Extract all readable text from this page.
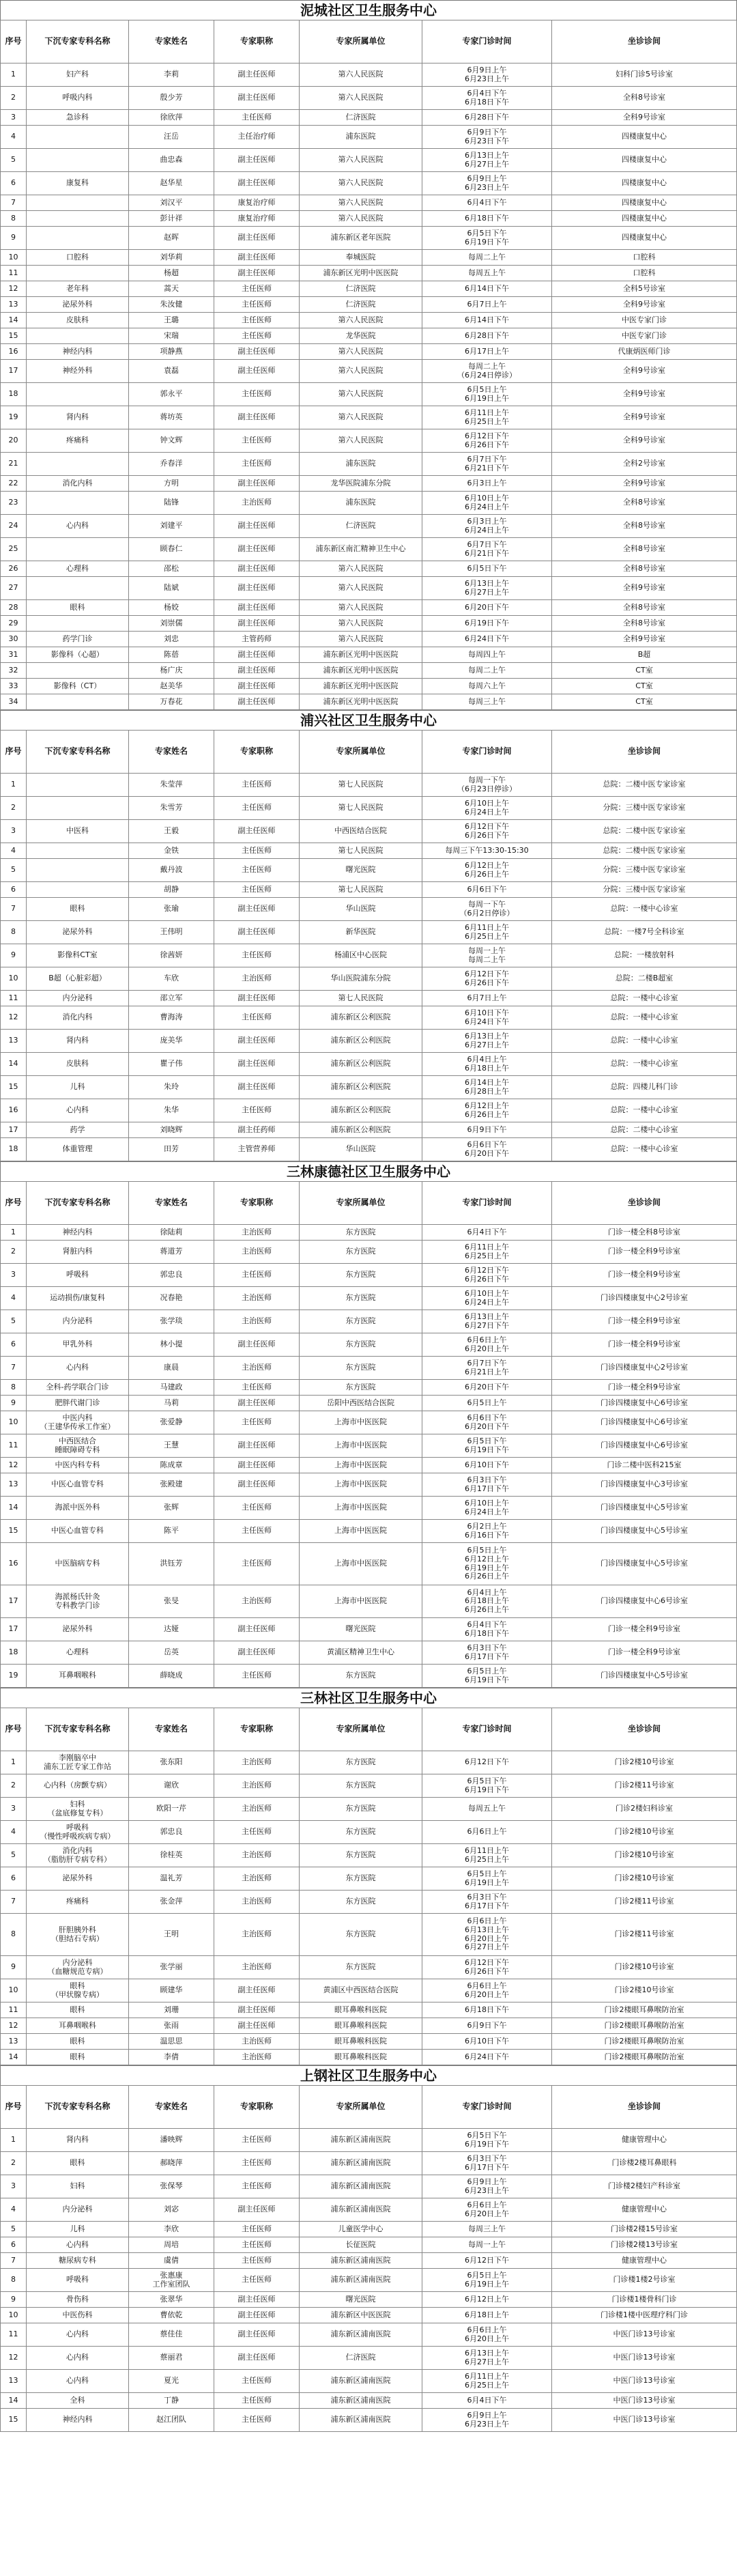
泥城社区卫生服务中心
序号	下沉专家专科名称	专家姓名	专家职称	专家所属单位	专家门诊时间	坐诊诊间
1	妇产科	李莉	副主任医师	第六人民医院	6月9日上午
6月23日上午	妇科门诊5号诊室
2	呼吸内科	殷少芳	副主任医师	第六人民医院	6月4日下午
6月18日下午	全科8号诊室
3	急诊科	徐欣萍	主任医师	仁济医院	6月28日下午	全科9号诊室
4		汪岳	主任治疗师	浦东医院	6月9日下午
6月23日下午	四楼康复中心
5		曲忠森	副主任医师	第六人民医院	6月13日上午
6月27日上午	四楼康复中心
6	康复科	赵华星	副主任医师	第六人民医院	6月9日上午
6月23日上午	四楼康复中心
7		刘汉平	康复治疗师	第六人民医院	6月4日下午	四楼康复中心
8		彭计祥	康复治疗师	第六人民医院	6月18日下午	四楼康复中心
9		赵晖	副主任医师	浦东新区老年医院	6月5日下午
6月19日下午	四楼康复中心
10	口腔科	刘华莉	副主任医师	奉城医院	每周二上午	口腔科
11		杨超	副主任医师	浦东新区光明中医医院	每周五上午	口腔科
12	老年科	蒿天	主任医师	仁济医院	6月14日下午	全科5号诊室
13	泌尿外科	朱汝健	主任医师	仁济医院	6月7日上午	全科9号诊室
14	皮肤科	王璐	主任医师	第六人民医院	6月14日下午	中医专家门诊
15		宋瑞	主任医师	龙华医院	6月28日下午	中医专家门诊
16	神经内科	项静燕	副主任医师	第六人民医院	6月17日上午	代康炳医师门诊
17	神经外科	袁磊	副主任医师	第六人民医院	每周二上午
（6月24日停诊）	全科9号诊室
18		郭永平	主任医师	第六人民医院	6月5日上午
6月19日上午	全科9号诊室
19	肾内科	蒋坊英	副主任医师	第六人民医院	6月11日上午
6月25日上午	全科9号诊室
20	疼痛科	钟文辉	主任医师	第六人民医院	6月12日下午
6月26日下午	全科9号诊室
21		乔春洋	主任医师	浦东医院	6月7日下午
6月21日下午	全科2号诊室
22	消化内科	方明	副主任医师	龙华医院浦东分院	6月3日上午	全科9号诊室
23		陆锋	主治医师	浦东医院	6月10日上午
6月24日上午	全科8号诊室
24	心内科	刘建平	副主任医师	仁济医院	6月3日上午
6月24日上午	全科8号诊室
25		顾春仁	副主任医师	浦东新区南汇精神卫生中心	6月7日下午
6月21日下午	全科8号诊室
26	心理科	邵松	副主任医师	第六人民医院	6月5日下午	全科8号诊室
27		陆斌	副主任医师	第六人民医院	6月13日上午
6月27日上午	全科9号诊室
28	眼科	杨姣	副主任医师	第六人民医院	6月20日下午	全科8号诊室
29		刘崇儒	副主任医师	第六人民医院	6月19日下午	全科8号诊室
30	药学门诊	刘忠	主管药师	第六人民医院	6月24日下午	全科9号诊室
31	影像科（心超）	陈蓓	副主任医师	浦东新区光明中医医院	每周四上午	B超
32		杨广庆	副主任医师	浦东新区光明中医医院	每周二上午	CT室
33	影像科（CT）	赵美华	副主任医师	浦东新区光明中医医院	每周六上午	CT室
34		万春花	副主任医师	浦东新区光明中医医院	每周三上午	CT室
浦兴社区卫生服务中心
序号	下沉专家专科名称	专家姓名	专家职称	专家所属单位	专家门诊时间	坐诊诊间
1		朱莹萍	主任医师	第七人民医院	每周一下午
（6月23日停诊）	总院：二楼中医专家诊室
2		朱雪芳	主任医师	第七人民医院	6月10日上午
6月24日上午	分院：三楼中医专家诊室
3	中医科	王毅	副主任医师	中西医结合医院	6月12日下午
6月26日下午	总院：二楼中医专家诊室
4		金铁	主任医师	第七人民医院	每周三下午13:30-15:30	总院：二楼中医专家诊室
5		戴丹波	主任医师	曙光医院	6月12日上午
6月26日上午	分院：三楼中医专家诊室
6		胡静	主任医师	第七人民医院	6月6日下午	分院：三楼中医专家诊室
7	眼科	张瑜	副主任医师	华山医院	每周一下午
（6月2日停诊）	总院：一楼中心诊室
8	泌尿外科	王伟明	副主任医师	新华医院	6月11日上午
6月25日上午	总院：一楼7号全科诊室
9	影像科CT室	徐茜妍	主任医师	杨浦区中心医院	每周一上午
每周二上午	总院：一楼放射科
10	B超（心脏彩超）	车欣	主治医师	华山医院浦东分院	6月12日下午
6月26日下午	总院：二楼B超室
11	内分泌科	邵立军	副主任医师	第七人民医院	6月7日上午	总院：一楼中心诊室
12	消化内科	曹海涛	主任医师	浦东新区公利医院	6月10日下午
6月24日下午	总院：一楼中心诊室
13	肾内科	庞美华	副主任医师	浦东新区公利医院	6月13日上午
6月27日上午	总院：一楼中心诊室
14	皮肤科	瞿子伟	副主任医师	浦东新区公利医院	6月4日上午
6月18日上午	总院：一楼中心诊室
15	儿科	朱玲	副主任医师	浦东新区公利医院	6月14日上午
6月28日上午	总院：四楼儿科门诊
16	心内科	朱华	主任医师	浦东新区公利医院	6月12日上午
6月26日上午	总院：一楼中心诊室
17	药学	刘晓辉	副主任药师	浦东新区公利医院	6月9日下午	总院：二楼中心诊室
18	体重管理	田芳	主管营养师	华山医院	6月6日下午
6月20日下午	总院：一楼中心诊室
三林康德社区卫生服务中心
序号	下沉专家专科名称	专家姓名	专家职称	专家所属单位	专家门诊时间	坐诊诊间
1	神经内科	徐陆莉	主治医师	东方医院	6月4日下午	门诊一楼全科8号诊室
2	肾脏内科	蒋道芳	主治医师	东方医院	6月11日上午
6月25日上午	门诊一楼全科9号诊室
3	呼吸科	郭忠良	主任医师	东方医院	6月12日下午
6月26日下午	门诊一楼全科9号诊室
4	运动损伤/康复科	况春艳	主治医师	东方医院	6月10日上午
6月24日上午	门诊四楼康复中心2号诊室
5	内分泌科	张学琰	主治医师	东方医院	6月13日上午
6月27日下午	门诊一楼全科9号诊室
6	甲乳外科	林小提	副主任医师	东方医院	6月6日上午
6月20日上午	门诊一楼全科9号诊室
7	心内科	康晨	主治医师	东方医院	6月7日下午
6月21日上午	门诊四楼康复中心2号诊室
8	全科-药学联合门诊	马建政	主任医师	东方医院	6月20日下午	门诊一楼全科9号诊室
9	肥胖代谢门诊	马莉	副主任医师	岳阳中西医结合医院	6月5日上午	门诊四楼康复中心6号诊室
10	中医内科
（王建华传承工作室）	张爱静	主任医师	上海市中医医院	6月6日下午
6月20日下午	门诊四楼康复中心6号诊室
11	中西医结合
睡眠障碍专科	王慧	副主任医师	上海市中医医院	6月5日下午
6月19日下午	门诊四楼康复中心6号诊室
12	中医内科专科	陈成章	副主任医师	上海市中医医院	6月10日下午	门诊二楼中医科215室
13	中医心血管专科	张殿建	副主任医师	上海市中医医院	6月3日下午
6月17日下午	门诊四楼康复中心3号诊室
14	海派中医外科	张辉	主任医师	上海市中医医院	6月10日上午
6月24日上午	门诊四楼康复中心5号诊室
15	中医心血管专科	陈平	主任医师	上海市中医医院	6月2日上午
6月16日下午	门诊四楼康复中心5号诊室
16	中医脑病专科	洪钰芳	主任医师	上海市中医医院	6月5日上午
6月12日上午
6月19日上午
6月26日上午	门诊四楼康复中心5号诊室
17	海派杨氏针灸
专科教学门诊	张旻	主治医师	上海市中医医院	6月4日上午
6月18日上午
6月26日上午	门诊四楼康复中心6号诊室
17	泌尿外科	达娅	副主任医师	曙光医院	6月4日下午
6月18日下午	门诊一楼全科9号诊室
18	心理科	岳英	副主任医师	黄浦区精神卫生中心	6月3日下午
6月17日下午	门诊一楼全科9号诊室
19	耳鼻咽喉科	薛晓成	主任医师	东方医院	6月5日上午
6月19日下午	门诊四楼康复中心5号诊室
三林社区卫生服务中心
序号	下沉专家专科名称	专家姓名	专家职称	专家所属单位	专家门诊时间	坐诊诊间
1	李刚脑卒中
浦东工匠专家工作站	张东阳	主治医师	东方医院	6月12日下午	门诊2楼10号诊室
2	心内科（房颤专病）	谢欣	主治医师	东方医院	6月5日下午
6月19日下午	门诊2楼11号诊室
3	妇科
（盆底修复专科）	欧阳一芹	主治医师	东方医院	每周五上午	门诊2楼妇科诊室
4	呼吸科
（慢性呼吸疾病专病）	郭忠良	主任医师	东方医院	6月6日上午	门诊2楼10号诊室
5	消化内科
（脂肪肝专病专科）	徐桂英	主治医师	东方医院	6月11日上午
6月25日上午	门诊2楼10号诊室
6	泌尿外科	温礼芳	主治医师	东方医院	6月5日上午
6月19日上午	门诊2楼10号诊室
7	疼痛科	张金萍	主治医师	东方医院	6月3日下午
6月17日下午	门诊2楼11号诊室
8	肝胆胰外科
（胆结石专病）	王明	主治医师	东方医院	6月6日上午
6月13日上午
6月20日上午
6月27日上午	门诊2楼11号诊室
9	内分泌科
（血糖规范专病）	张学丽	主治医师	东方医院	6月12日下午
6月26日下午	门诊2楼10号诊室
10	眼科
（甲状腺专病）	顾建华	副主任医师	黄浦区中西医结合医院	6月6日上午
6月20日上午	门诊2楼10号诊室
11	眼科	刘珊	副主任医师	眼耳鼻喉科医院	6月18日下午	门诊2楼眼耳鼻喉防治室
12	耳鼻咽喉科	张雨	副主任医师	眼耳鼻喉科医院	6月9日下午	门诊2楼眼耳鼻喉防治室
13	眼科	温思思	主治医师	眼耳鼻喉科医院	6月10日下午	门诊2楼眼耳鼻喉防治室
14	眼科	李倩	主治医师	眼耳鼻喉科医院	6月24日下午	门诊2楼眼耳鼻喉防治室
上钢社区卫生服务中心
序号	下沉专家专科名称	专家姓名	专家职称	专家所属单位	专家门诊时间	坐诊诊间
1	肾内科	潘映辉	主任医师	浦东新区浦南医院	6月5日下午
6月19日下午	健康管理中心
2	眼科	郝晓萍	主任医师	浦东新区浦南医院	6月3日下午
6月17日下午	门诊楼2楼耳鼻眼科
3	妇科	张保琴	主任医师	浦东新区浦南医院	6月9日上午
6月23日上午	门诊楼2楼妇产科诊室
4	内分泌科	刘宓	副主任医师	浦东新区浦南医院	6月6日上午
6月20日上午	健康管理中心
5	儿科	李欣	主任医师	儿童医学中心	每周三上午	门诊楼2楼15号诊室
6	心内科	周培	主任医师	长征医院	每周一上午	门诊楼2楼13号诊室
7	糖尿病专科	虞倩	主任医师	浦东新区浦南医院	6月12日下午	健康管理中心
8	呼吸科	张惠康
工作室团队	主任医师	浦东新区浦南医院	6月5日上午
6月19日上午	门诊楼1楼2号诊室
9	骨伤科	张翠华	副主任医师	曙光医院	6月12日上午	门诊楼1楼骨科门诊
10	中医伤科	曹依乾	副主任医师	浦东新区中医医院	6月18日上午	门诊楼1楼中医理疗科门诊
11	心内科	蔡佳佳	副主任医师	浦东新区浦南医院	6月6日上午
6月20日上午	中医门诊13号诊室
12	心内科	蔡丽君	副主任医师	仁济医院	6月13日上午
6月27日上午	中医门诊13号诊室
13	心内科	夏光	主任医师	浦东新区浦南医院	6月11日上午
6月25日上午	中医门诊13号诊室
14	全科	丁静	主任医师	浦东新区浦南医院	6月4日下午	中医门诊13号诊室
15	神经内科	赵江团队	主任医师	浦东新区浦南医院	6月9日上午
6月23日上午	中医门诊13号诊室
